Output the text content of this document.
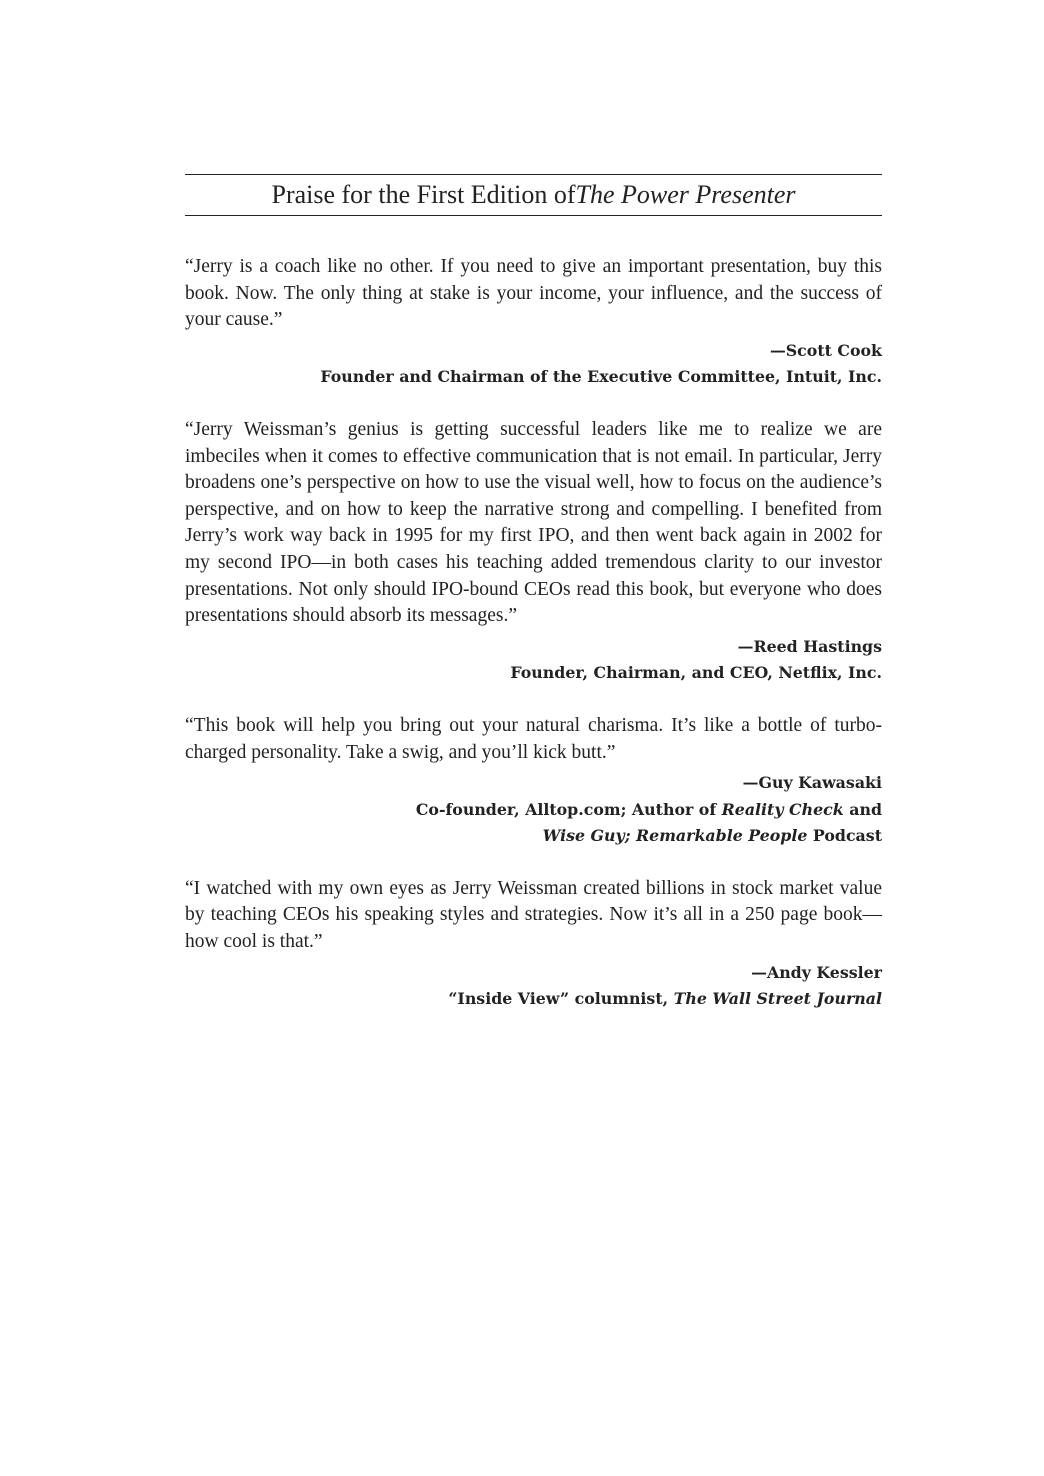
Praise for the First Edition of The Power Presenter

“Jerry is a coach like no other. If you need to give an important presentation, buy this book. Now. The only thing at stake is your income, your influence, and the success of your cause.”

—Scott Cook
Founder and Chairman of the Executive Committee, Intuit, Inc.

“Jerry Weissman’s genius is getting successful leaders like me to realize we are imbeciles when it comes to effective communication that is not email. In particular, Jerry broadens one’s perspective on how to use the visual well, how to focus on the audience’s perspective, and on how to keep the narrative strong and compelling. I benefited from Jerry’s work way back in 1995 for my first IPO, and then went back again in 2002 for my second IPO—in both cases his teaching added tremendous clarity to our investor presentations. Not only should IPO-bound CEOs read this book, but everyone who does presentations should absorb its messages.”

—Reed Hastings
Founder, Chairman, and CEO, Netflix, Inc.

“This book will help you bring out your natural charisma. It’s like a bottle of turbo-charged personality. Take a swig, and you’ll kick butt.”

—Guy Kawasaki
Co-founder, Alltop.com; Author of Reality Check and
Wise Guy; Remarkable People Podcast

“I watched with my own eyes as Jerry Weissman created billions in stock market value by teaching CEOs his speaking styles and strategies. Now it’s all in a 250 page book—how cool is that.”

—Andy Kessler
“Inside View” columnist, The Wall Street Journal
